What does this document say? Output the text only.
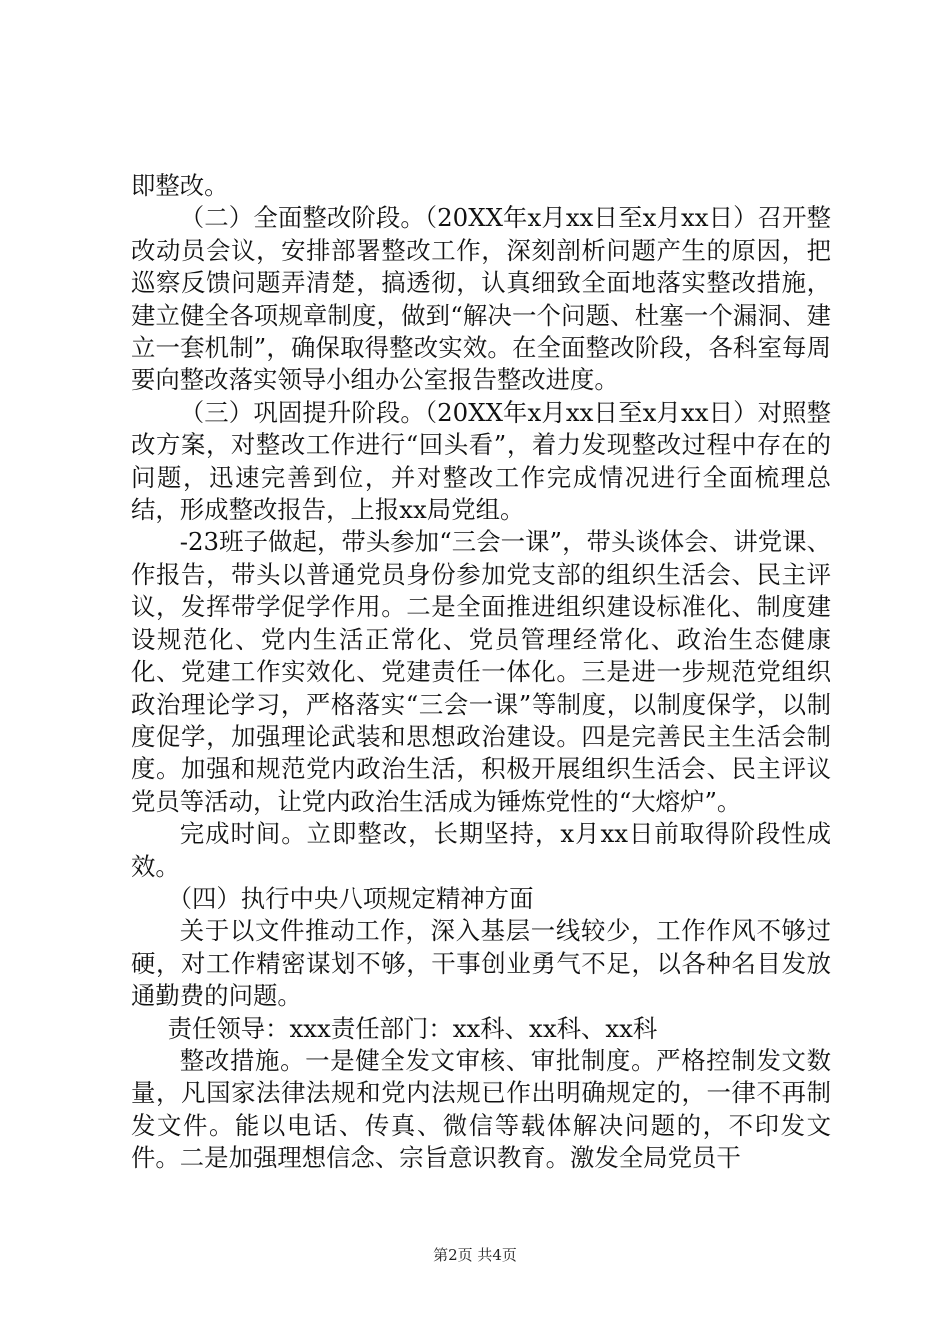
即整改。

（二）全面整改阶段。（20XX年x月xx日至x月xx日）召开整改动员会议，安排部署整改工作，深刻剖析问题产生的原因，把巡察反馈问题弄清楚，搞透彻，认真细致全面地落实整改措施，建立健全各项规章制度，做到“解决一个问题、杜塞一个漏洞、建立一套机制”，确保取得整改实效。在全面整改阶段，各科室每周要向整改落实领导小组办公室报告整改进度。

（三）巩固提升阶段。（20XX年x月xx日至x月xx日）对照整改方案，对整改工作进行“回头看”，着力发现整改过程中存在的问题，迅速完善到位，并对整改工作完成情况进行全面梳理总结，形成整改报告，上报xx局党组。

-23班子做起，带头参加“三会一课”，带头谈体会、讲党课、作报告，带头以普通党员身份参加党支部的组织生活会、民主评议，发挥带学促学作用。二是全面推进组织建设标准化、制度建设规范化、党内生活正常化、党员管理经常化、政治生态健康化、党建工作实效化、党建责任一体化。三是进一步规范党组织政治理论学习，严格落实“三会一课”等制度，以制度保学，以制度促学，加强理论武装和思想政治建设。四是完善民主生活会制度。加强和规范党内政治生活，积极开展组织生活会、民主评议党员等活动，让党内政治生活成为锤炼党性的“大熔炉”。

完成时间。立即整改，长期坚持，x月xx日前取得阶段性成效。

（四）执行中央八项规定精神方面

关于以文件推动工作，深入基层一线较少，工作作风不够过硬，对工作精密谋划不够，干事创业勇气不足，以各种名目发放通勤费的问题。

责任领导：xxx责任部门：xx科、xx科、xx科

整改措施。一是健全发文审核、审批制度。严格控制发文数量，凡国家法律法规和党内法规已作出明确规定的，一律不再制发文件。能以电话、传真、微信等载体解决问题的，不印发文件。二是加强理想信念、宗旨意识教育。激发全局党员干

第2页 共4页
